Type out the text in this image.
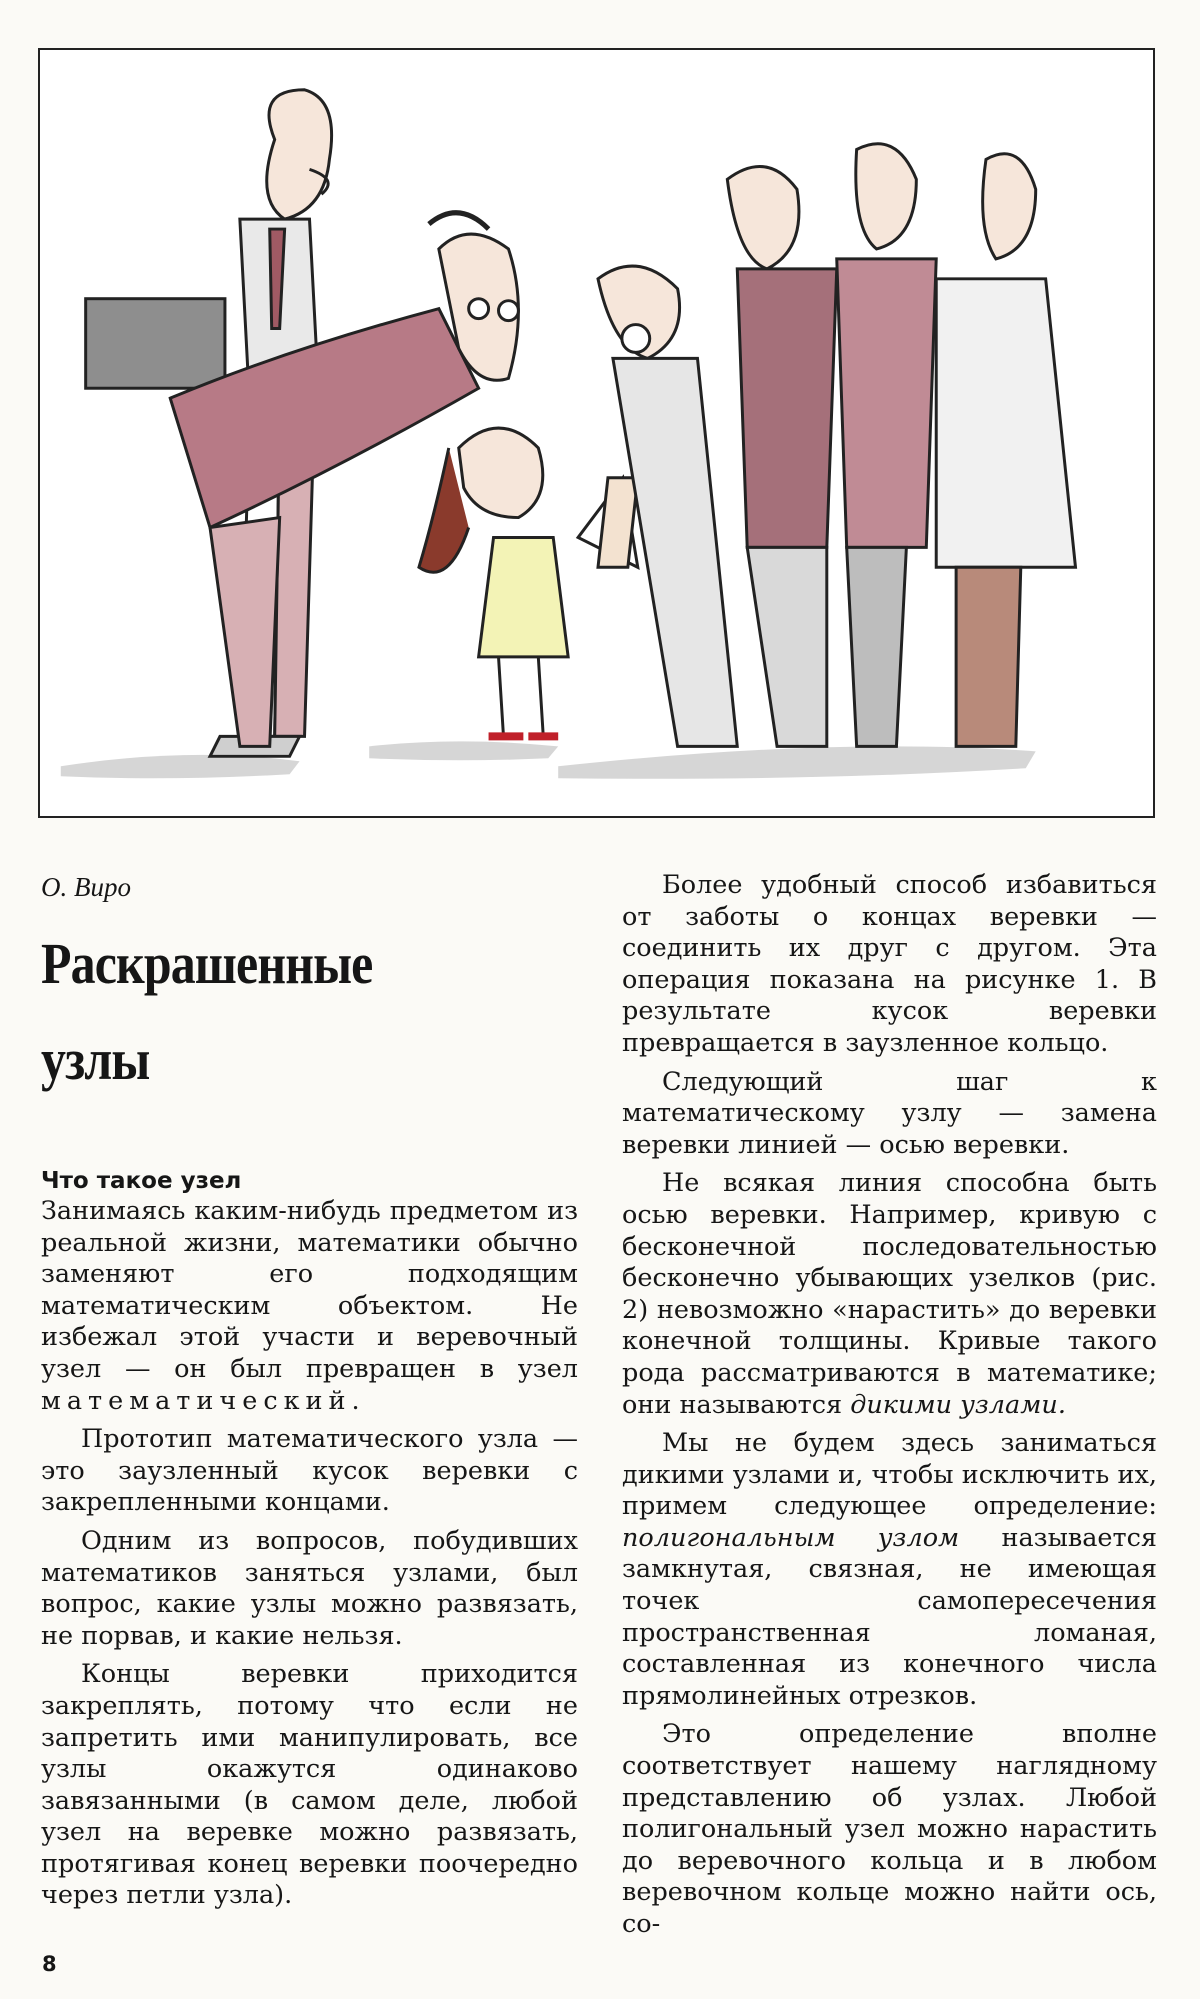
О. Виро

Раскрашенные узлы
Что такое узел

Занимаясь каким-нибудь предметом из реальной жизни, математики обычно заменяют его подходящим математическим объектом. Не избежал этой участи и веревочный узел — он был превращен в узел математический.

Прототип математического узла — это заузленный кусок веревки с закрепленными концами.

Одним из вопросов, побудивших математиков заняться узлами, был вопрос, какие узлы можно развязать, не порвав, и какие нельзя.

Концы веревки приходится закреплять, потому что если не запретить ими манипулировать, все узлы окажутся одинаково завязанными (в самом деле, любой узел на веревке можно развязать, протягивая конец веревки поочередно через петли узла).

Более удобный способ избавиться от заботы о концах веревки — соединить их друг с другом. Эта операция показана на рисунке 1. В результате кусок веревки превращается в заузленное кольцо.

Следующий шаг к математическому узлу — замена веревки линией — осью веревки.

Не всякая линия способна быть осью веревки. Например, кривую с бесконечной последовательностью бесконечно убывающих узелков (рис. 2) невозможно «нарастить» до веревки конечной толщины. Кривые такого рода рассматриваются в математике; они называются дикими узлами.

Мы не будем здесь заниматься дикими узлами и, чтобы исключить их, примем следующее определение: полигональным узлом называется замкнутая, связная, не имеющая точек самопересечения пространственная ломаная, составленная из конечного числа прямолинейных отрезков.

Это определение вполне соответствует нашему наглядному представлению об узлах. Любой полигональный узел можно нарастить до веревочного кольца и в любом веревочном кольце можно найти ось, со-

8
